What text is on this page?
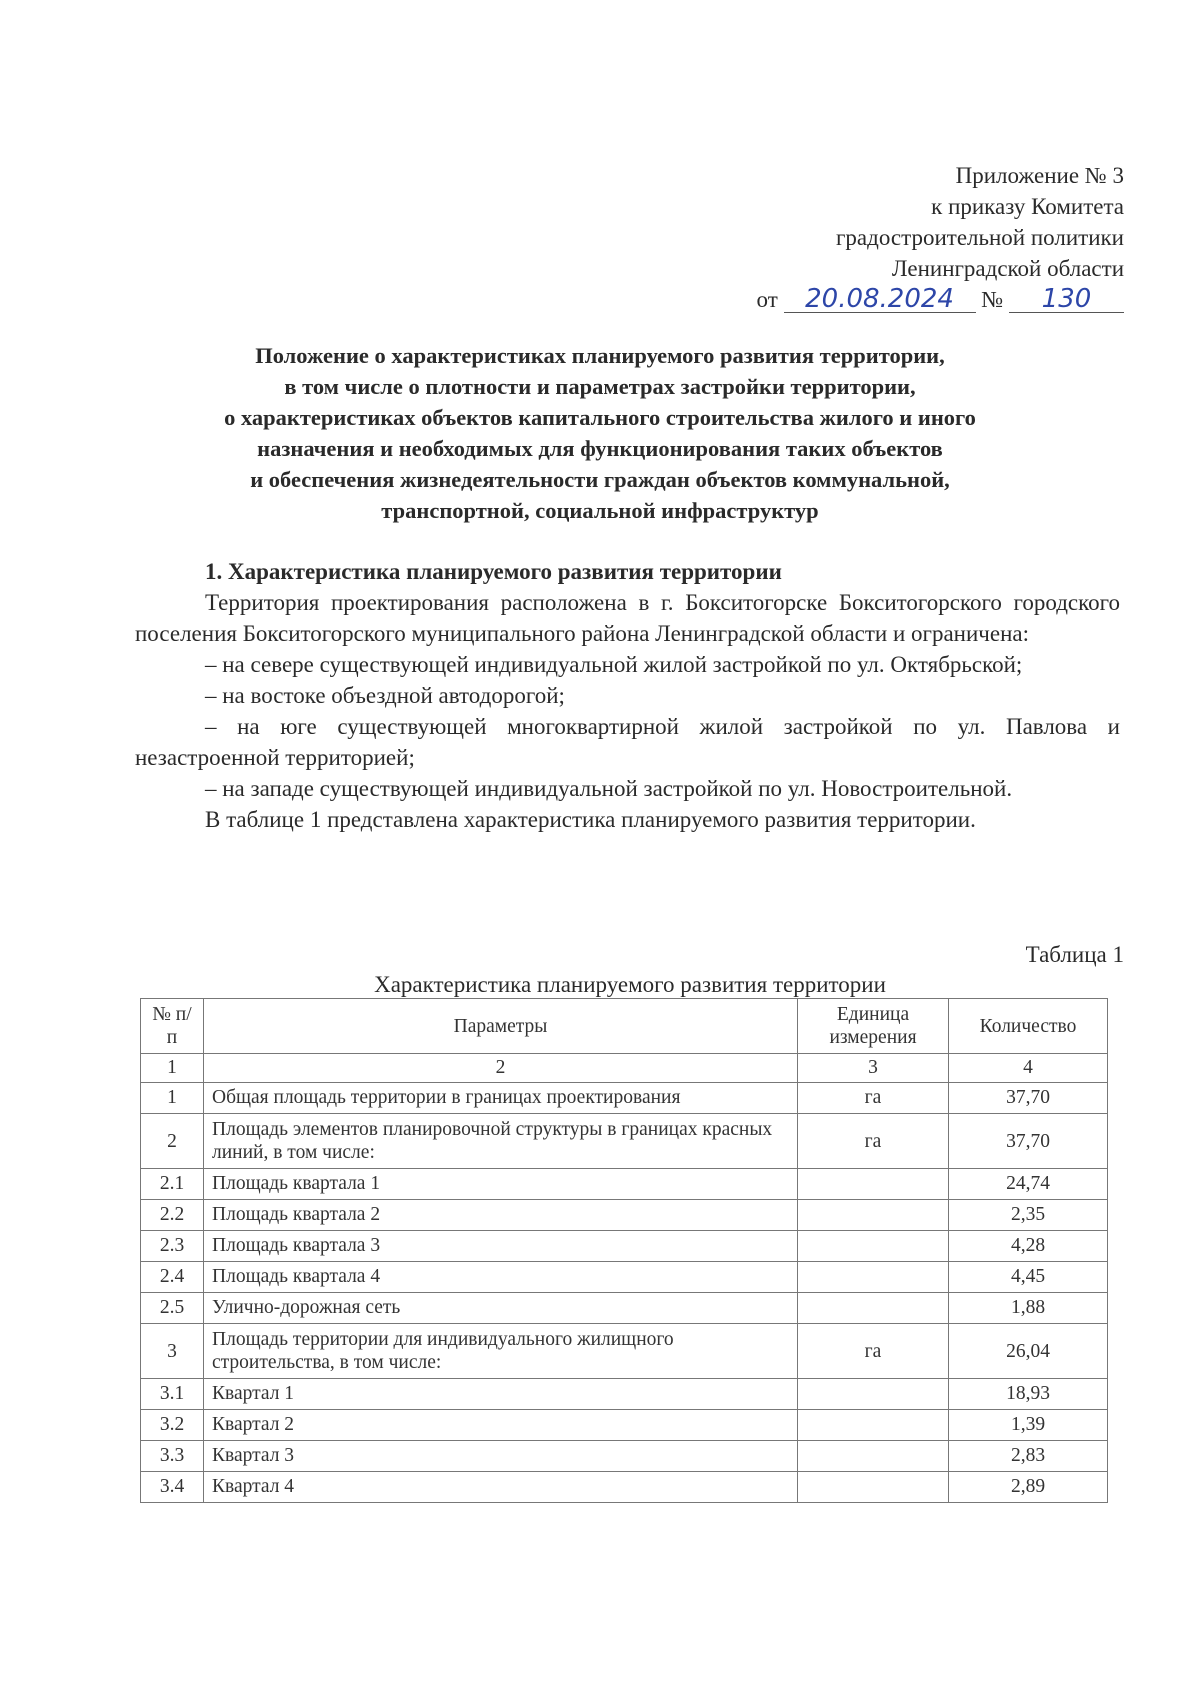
Приложение № 3
к приказу Комитета
градостроительной политики
Ленинградской области
от 20.08.2024 № 130
Положение о характеристиках планируемого развития территории,
в том числе о плотности и параметрах застройки территории,
о характеристиках объектов капитального строительства жилого и иного
назначения и необходимых для функционирования таких объектов
и обеспечения жизнедеятельности граждан объектов коммунальной,
транспортной, социальной инфраструктур
1. Характеристика планируемого развития территории

Территория проектирования расположена в г. Бокситогорске Бокситогорского городского поселения Бокситогорского муниципального района Ленинградской области и ограничена:

– на севере существующей индивидуальной жилой застройкой по ул. Октябрьской;

– на востоке объездной автодорогой;

– на юге существующей многоквартирной жилой застройкой по ул. Павлова и незастроенной территорией;

– на западе существующей индивидуальной застройкой по ул. Новостроительной.

В таблице 1 представлена характеристика планируемого развития территории.

Таблица 1
Характеристика планируемого развития территории
№ п/п	Параметры	Единица измерения	Количество
1	2	3	4
1	Общая площадь территории в границах проектирования	га	37,70
2	Площадь элементов планировочной структуры в границах красных линий, в том числе:	га	37,70
2.1	Площадь квартала 1		24,74
2.2	Площадь квартала 2		2,35
2.3	Площадь квартала 3		4,28
2.4	Площадь квартала 4		4,45
2.5	Улично-дорожная сеть		1,88
3	Площадь территории для индивидуального жилищного строительства, в том числе:	га	26,04
3.1	Квартал 1		18,93
3.2	Квартал 2		1,39
3.3	Квартал 3		2,83
3.4	Квартал 4		2,89
